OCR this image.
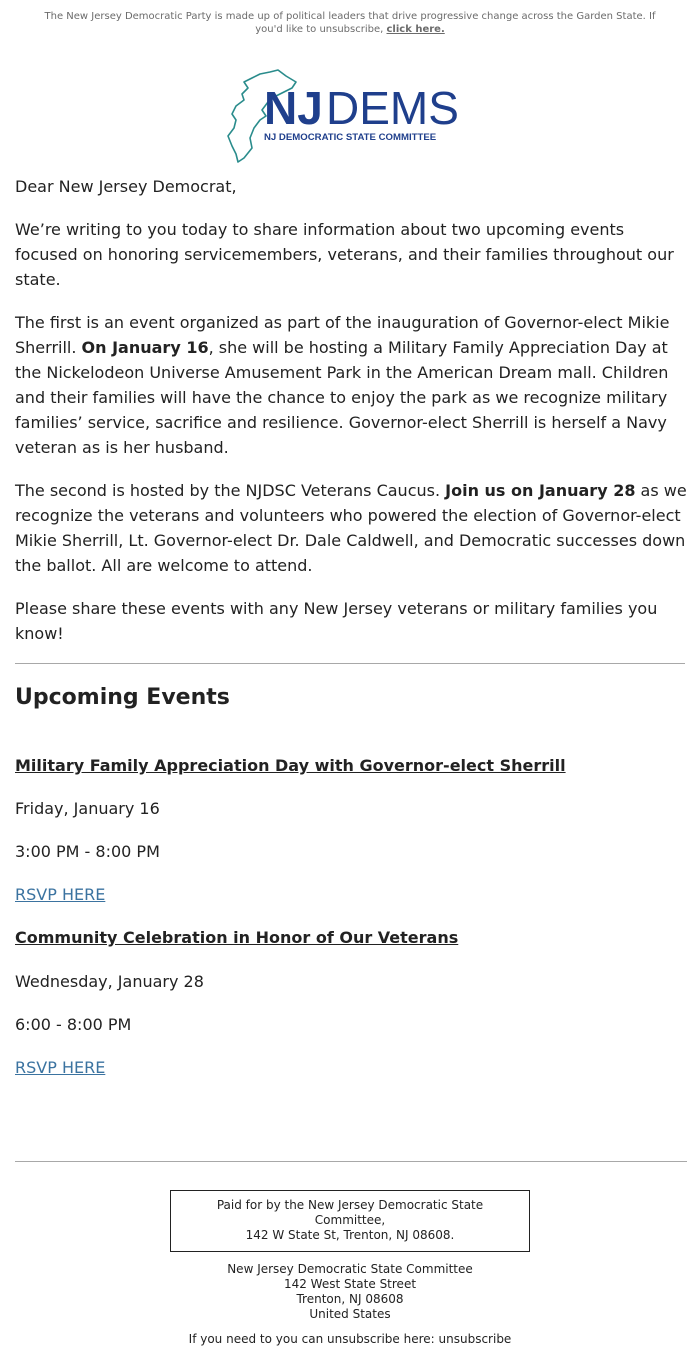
The New Jersey Democratic Party is made up of political leaders that drive progressive change across the Garden State. If you'd like to unsubscribe, click here.
NJ DEMS
NJ DEMOCRATIC STATE COMMITTEE

Dear New Jersey Democrat,

We’re writing to you today to share information about two upcoming events focused on honoring servicemembers, veterans, and their families throughout our state.

The first is an event organized as part of the inauguration of Governor-elect Mikie Sherrill. On January 16, she will be hosting a Military Family Appreciation Day at the Nickelodeon Universe Amusement Park in the American Dream mall. Children and their families will have the chance to enjoy the park as we recognize military families’ service, sacrifice and resilience. Governor-elect Sherrill is herself a Navy veteran as is her husband.

The second is hosted by the NJDSC Veterans Caucus. Join us on January 28 as we recognize the veterans and volunteers who powered the election of Governor-elect Mikie Sherrill, Lt. Governor-elect Dr. Dale Caldwell, and Democratic successes down the ballot. All are welcome to attend.

Please share these events with any New Jersey veterans or military families you know!

Upcoming Events
Military Family Appreciation Day with Governor-elect Sherrill
Friday, January 16
3:00 PM - 8:00 PM
RSVP HERE
Community Celebration in Honor of Our Veterans
Wednesday, January 28
6:00 - 8:00 PM
RSVP HERE
Paid for by the New Jersey Democratic State
Committee,
142 W State St, Trenton, NJ 08608.
New Jersey Democratic State Committee
142 West State Street
Trenton, NJ 08608
United States
If you need to you can unsubscribe here: unsubscribe
